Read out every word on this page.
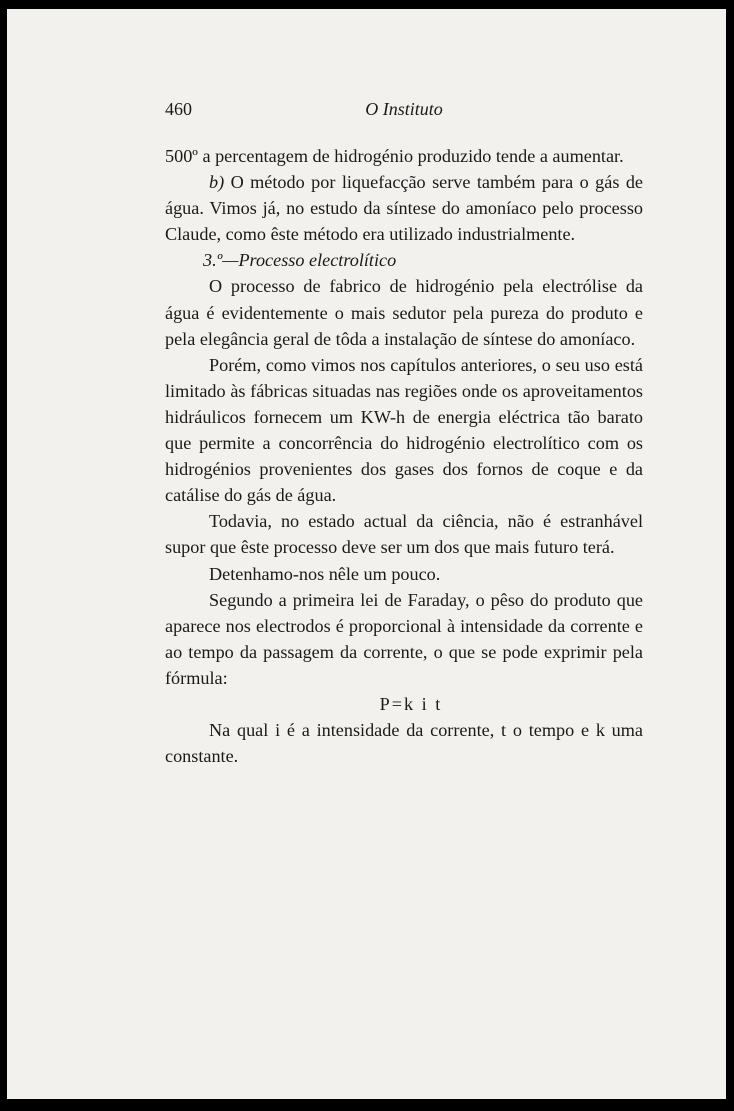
460	O Instituto

500º a percentagem de hidrogénio produzido tende a aumentar.

b) O método por liquefacção serve também para o gás de água. Vimos já, no estudo da síntese do amoníaco pelo processo Claude, como êste método era utilizado industrialmente.

3.º—Processo electrolítico

O processo de fabrico de hidrogénio pela electrólise da água é evidentemente o mais sedutor pela pureza do produto e pela elegância geral de tôda a instalação de síntese do amoníaco.

Porém, como vimos nos capítulos anteriores, o seu uso está limitado às fábricas situadas nas regiões onde os aproveitamentos hidráulicos fornecem um KW-h de energia eléctrica tão barato que permite a concorrência do hidrogénio electrolítico com os hidrogénios provenientes dos gases dos fornos de coque e da catálise do gás de água.

Todavia, no estado actual da ciência, não é estranhável supor que êste processo deve ser um dos que mais futuro terá.

Detenhamo-nos nêle um pouco.

Segundo a primeira lei de Faraday, o pêso do produto que aparece nos electrodos é proporcional à intensidade da corrente e ao tempo da passagem da corrente, o que se pode exprimir pela fórmula:

P=k i t

Na qual i é a intensidade da corrente, t o tempo e k uma constante.
